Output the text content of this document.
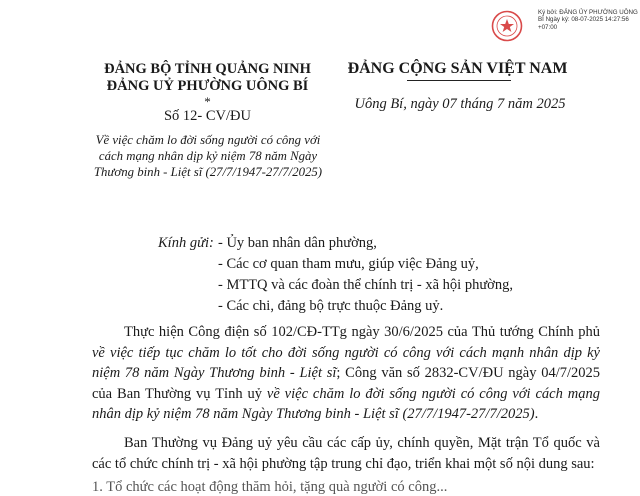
ĐẢNG BỘ TỈNH QUẢNG NINH
ĐẢNG UỶ PHƯỜNG UÔNG BÍ
*
Số 12- CV/ĐU
Về việc chăm lo đời sống người có công với cách mạng nhân dịp kỷ niệm 78 năm Ngày Thương binh - Liệt sĩ (27/7/1947-27/7/2025)
ĐẢNG CỘNG SẢN VIỆT NAM
Uông Bí, ngày 07 tháng 7 năm 2025
Ký bởi: ĐẢNG ỦY PHƯỜNG UÔNG BÍ Ngày ký: 08-07-2025 14:27:56 +07:00
Kính gửi: - Ủy ban nhân dân phường,
- Các cơ quan tham mưu, giúp việc Đảng uỷ,
- MTTQ và các đoàn thể chính trị - xã hội phường,
- Các chi, đảng bộ trực thuộc Đảng uỷ.
Thực hiện Công điện số 102/CĐ-TTg ngày 30/6/2025 của Thủ tướng Chính phủ về việc tiếp tục chăm lo tốt cho đời sống người có công với cách mạnh nhân dịp kỷ niệm 78 năm Ngày Thương binh - Liệt sĩ; Công văn số 2832-CV/ĐU ngày 04/7/2025 của Ban Thường vụ Tỉnh uỷ về việc chăm lo đời sống người có công với cách mạng nhân dịp kỷ niệm 78 năm Ngày Thương binh - Liệt sĩ (27/7/1947-27/7/2025).
Ban Thường vụ Đảng uỷ yêu cầu các cấp ủy, chính quyền, Mặt trận Tổ quốc và các tổ chức chính trị - xã hội phường tập trung chỉ đạo, triển khai một số nội dung sau:
1. Tổ chức các hoạt động thăm hỏi, tặng quà người có công...
